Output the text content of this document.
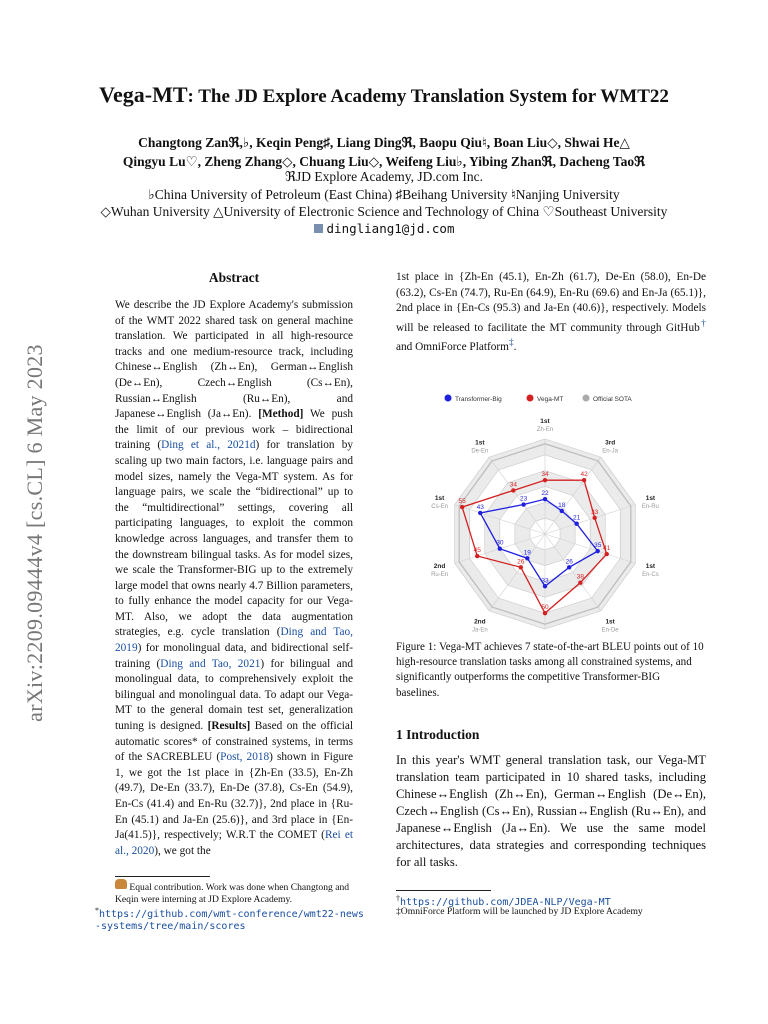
arXiv:2209.09444v4 [cs.CL] 6 May 2023
Vega-MT: The JD Explore Academy Translation System for WMT22
Changtong Zanℜ,♭, Keqin Peng♯, Liang Dingℜ, Baopu Qiu♮, Boan Liu◇, Shwai He△
Qingyu Lu♡, Zheng Zhang◇, Chuang Liu◇, Weifeng Liu♭, Yibing Zhanℜ, Dacheng Taoℜ
ℜJD Explore Academy, JD.com Inc.
♭China University of Petroleum (East China) ♯Beihang University ♮Nanjing University
◇Wuhan University △University of Electronic Science and Technology of China ♡Southeast University
dingliang1@jd.com
Abstract
We describe the JD Explore Academy's submission of the WMT 2022 shared task on general machine translation. We participated in all high-resource tracks and one medium-resource track, including Chinese↔English (Zh↔En), German↔English (De↔En), Czech↔English (Cs↔En), Russian↔English (Ru↔En), and Japanese↔English (Ja↔En). [Method] We push the limit of our previous work – bidirectional training (Ding et al., 2021d) for translation by scaling up two main factors, i.e. language pairs and model sizes, namely the Vega-MT system. As for language pairs, we scale the “bidirectional” up to the “multidirectional” settings, covering all participating languages, to exploit the common knowledge across languages, and transfer them to the downstream bilingual tasks. As for model sizes, we scale the Transformer-BIG up to the extremely large model that owns nearly 4.7 Billion parameters, to fully enhance the model capacity for our Vega-MT. Also, we adopt the data augmentation strategies, e.g. cycle translation (Ding and Tao, 2019) for monolingual data, and bidirectional self-training (Ding and Tao, 2021) for bilingual and monolingual data, to comprehensively exploit the bilingual and monolingual data. To adapt our Vega-MT to the general domain test set, generalization tuning is designed. [Results] Based on the official automatic scores* of constrained systems, in terms of the SACREBLEU (Post, 2018) shown in Figure 1, we got the 1st place in {Zh-En (33.5), En-Zh (49.7), De-En (33.7), En-De (37.8), Cs-En (54.9), En-Cs (41.4) and En-Ru (32.7)}, 2nd place in {Ru-En (45.1) and Ja-En (25.6)}, and 3rd place in {En-Ja(41.5)}, respectively; W.R.T the COMET (Rei et al., 2020), we got the
Equal contribution. Work was done when Changtong and Keqin were interning at JD Explore Academy.
*https://github.com/wmt-conference/wmt22-news-systems/tree/main/scores
1st place in {Zh-En (45.1), En-Zh (61.7), De-En (58.0), En-De (63.2), Cs-En (74.7), Ru-En (64.9), En-Ru (69.6) and En-Ja (65.1)}, 2nd place in {En-Cs (95.3) and Ja-En (40.6)}, respectively. Models will be released to facilitate the MT community through GitHub† and OmniForce Platform‡.
Transformer-Big	Vega-MT	Official SOTA
22
18
21
35
26
33
19
30
43
23
34	42
33
41
38
50
26
45
55
34
Zh-En
1st
En-Ja
3rd
En-Ru
1st
En-Cs
1st
En-De
1st
Ja-En
2nd
Ru-En
2nd
Cs-En
1st
De-En
1st
Figure 1: Vega-MT achieves 7 state-of-the-art BLEU points out of 10 high-resource translation tasks among all constrained systems, and significantly outperforms the competitive Transformer-BIG baselines.
1 Introduction
In this year's WMT general translation task, our Vega-MT translation team participated in 10 shared tasks, including Chinese↔English (Zh↔En), German↔English (De↔En), Czech↔English (Cs↔En), Russian↔English (Ru↔En), and Japanese↔English (Ja↔En). We use the same model architectures, data strategies and corresponding techniques for all tasks.
†https://github.com/JDEA-NLP/Vega-MT
‡OmniForce Platform will be launched by JD Explore Academy
